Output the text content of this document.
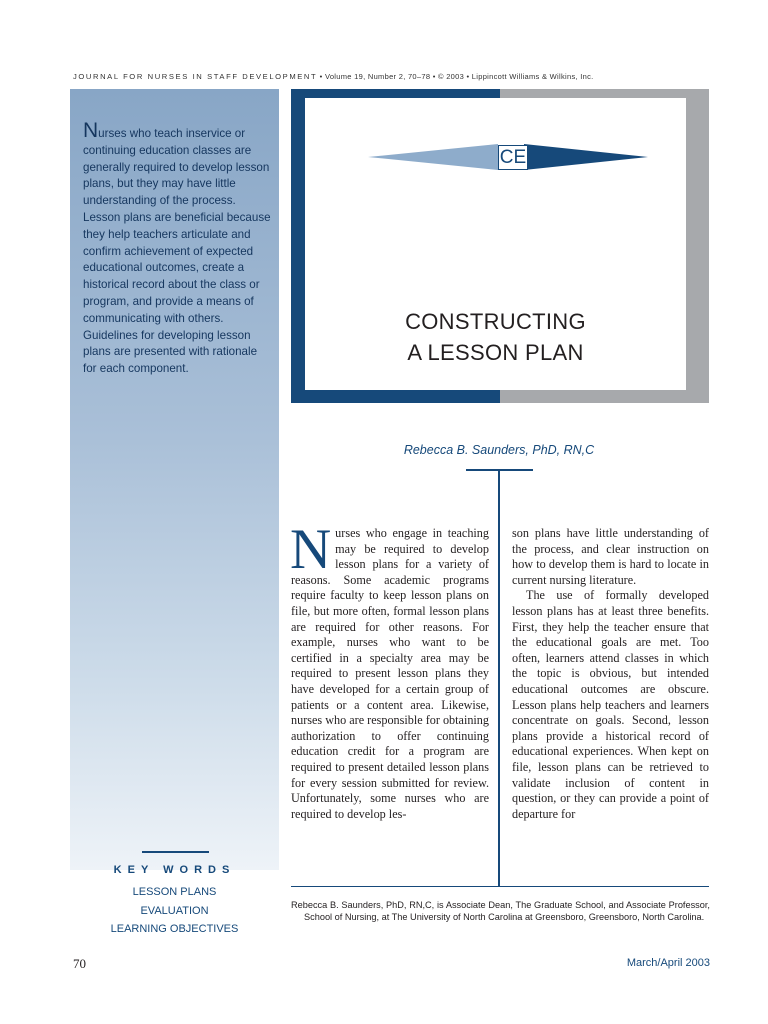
JOURNAL FOR NURSES IN STAFF DEVELOPMENT • Volume 19, Number 2, 70–78 • © 2003 • Lippincott Williams & Wilkins, Inc.
Nurses who teach inservice or continuing education classes are generally required to develop lesson plans, but they may have little understanding of the process. Lesson plans are beneficial because they help teachers articulate and confirm achievement of expected educational outcomes, create a historical record about the class or program, and provide a means of communicating with others. Guidelines for developing lesson plans are presented with rationale for each component.
CE
CONSTRUCTING
A LESSON PLAN
Rebecca B. Saunders, PhD, RN,C

Nurses who engage in teaching may be required to develop lesson plans for a variety of reasons. Some academic programs require faculty to keep lesson plans on file, but more often, formal lesson plans are required for other reasons. For example, nurses who want to be certified in a specialty area may be required to present lesson plans they have developed for a certain group of patients or a content area. Likewise, nurses who are responsible for obtaining authorization to offer continuing education credit for a program are required to present detailed lesson plans for every session submitted for review. Unfortunately, some nurses who are required to develop les-

son plans have little understanding of the process, and clear instruction on how to develop them is hard to locate in current nursing literature.

The use of formally developed lesson plans has at least three benefits. First, they help the teacher ensure that the educational goals are met. Too often, learners attend classes in which the topic is obvious, but intended educational outcomes are obscure. Lesson plans help teachers and learners concentrate on goals. Second, lesson plans provide a historical record of educational experiences. When kept on file, lesson plans can be retrieved to validate inclusion of content in question, or they can provide a point of departure for

KEY WORDS
LESSON PLANS
EVALUATION
LEARNING OBJECTIVES
Rebecca B. Saunders, PhD, RN,C, is Associate Dean, The Graduate School, and Associate Professor, School of Nursing, at The University of North Carolina at Greensboro, Greensboro, North Carolina.
70	March/April 2003
